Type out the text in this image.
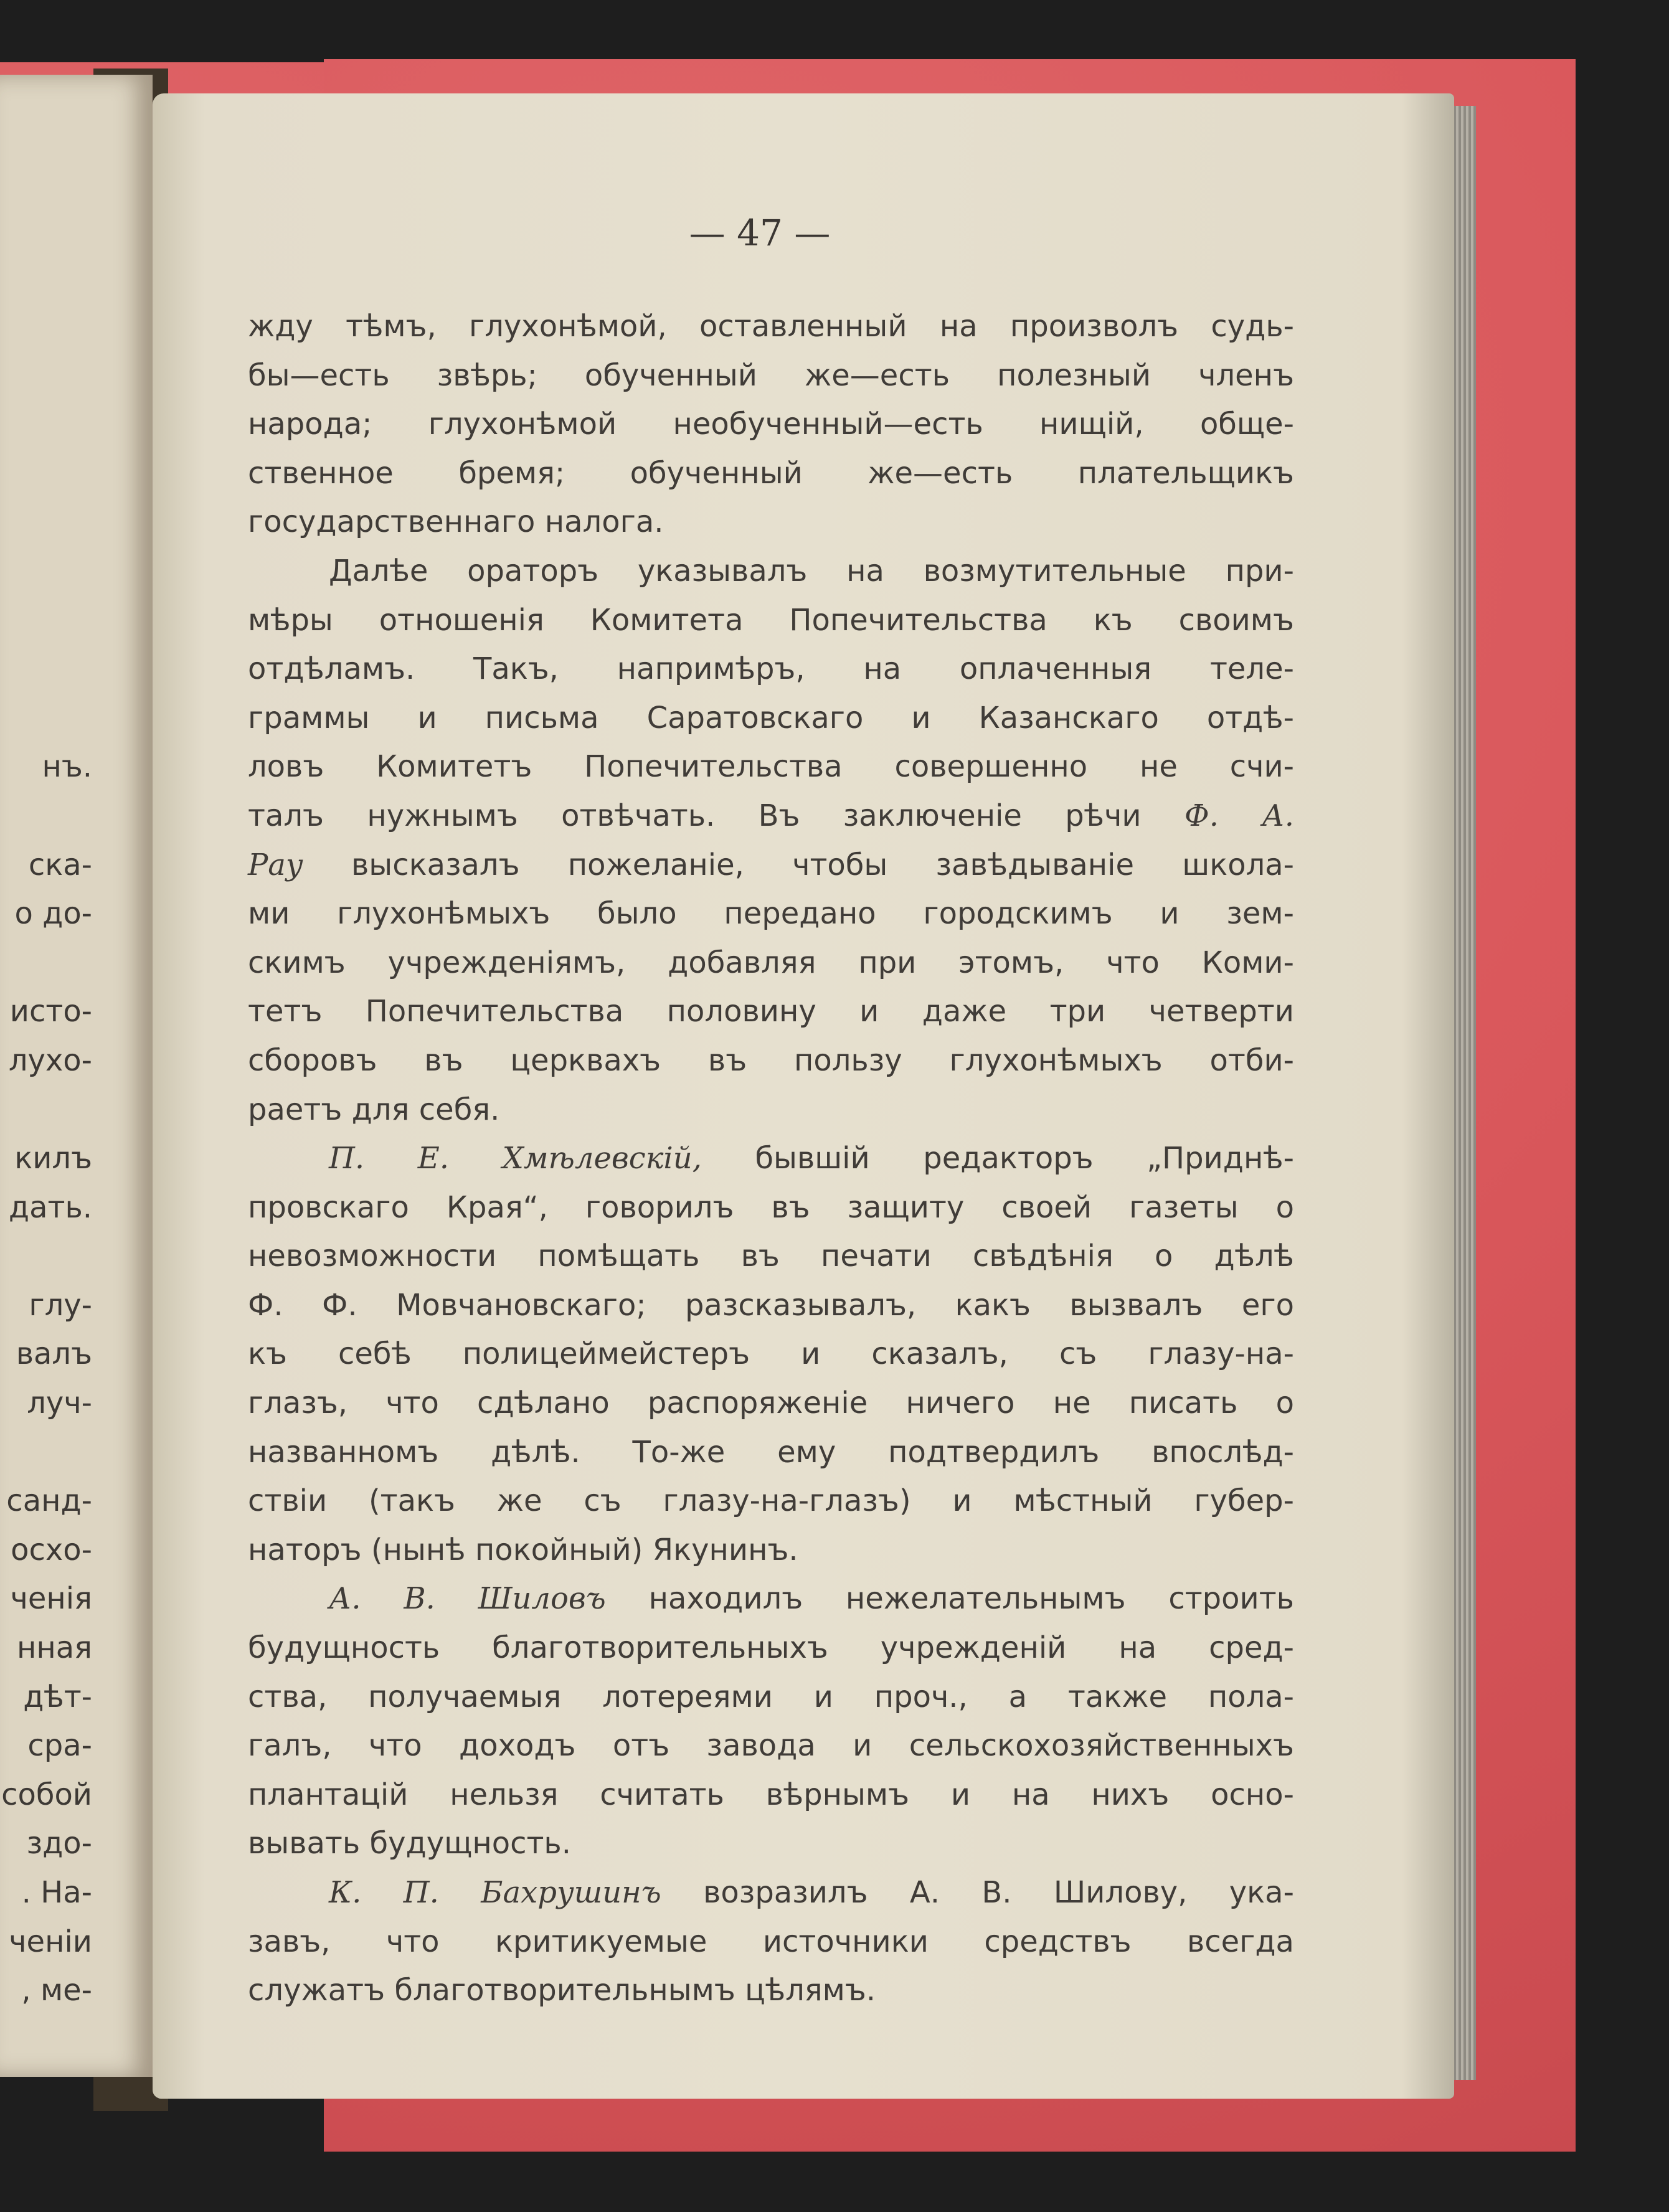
— 47 —
жду тѣмъ, глухонѣмой, оставленный на произволъ судь-
бы—есть звѣрь; обученный же—есть полезный членъ
народа; глухонѣмой необученный—есть нищій, обще-
ственное бремя; обученный же—есть плательщикъ
государственнаго налога.
Далѣе ораторъ указывалъ на возмутительные при-
мѣры отношенія Комитета Попечительства къ своимъ
отдѣламъ. Такъ, напримѣръ, на оплаченныя теле-
граммы и письма Саратовскаго и Казанскаго отдѣ-
ловъ Комитетъ Попечительства совершенно не счи-
талъ нужнымъ отвѣчать. Въ заключеніе рѣчи Ф. А.
Рау высказалъ пожеланіе, чтобы завѣдываніе школа-
ми глухонѣмыхъ было передано городскимъ и зем-
скимъ учрежденіямъ, добавляя при этомъ, что Коми-
тетъ Попечительства половину и даже три четверти
сборовъ въ церквахъ въ пользу глухонѣмыхъ отби-
раетъ для себя.
П. Е. Хмѣлевскій, бывшій редакторъ „Приднѣ-
провскаго Края“, говорилъ въ защиту своей газеты о
невозможности помѣщать въ печати свѣдѣнія о дѣлѣ
Ф. Ф. Мовчановскаго; разсказывалъ, какъ вызвалъ его
къ себѣ полицеймейстеръ и сказалъ, съ глазу-на-
глазъ, что сдѣлано распоряженіе ничего не писать о
названномъ дѣлѣ. То-же ему подтвердилъ впослѣд-
ствіи (такъ же съ глазу-на-глазъ) и мѣстный губер-
наторъ (нынѣ покойный) Якунинъ.
А. В. Шиловъ находилъ нежелательнымъ строить
будущность благотворительныхъ учрежденій на сред-
ства, получаемыя лотереями и проч., а также пола-
галъ, что доходъ отъ завода и сельскохозяйственныхъ
плантацій нельзя считать вѣрнымъ и на нихъ осно-
вывать будущность.
К. П. Бахрушинъ возразилъ А. В. Шилову, ука-
завъ, что критикуемые источники средствъ всегда
служатъ благотворительнымъ цѣлямъ.
нъ.
ска-
о до-
исто-
лухо-
килъ
дать.
глу-
валъ
луч-
санд-
осхо-
ченія
нная
дѣт-
сра-
собой
здо-
. На-
ченіи
, ме-
